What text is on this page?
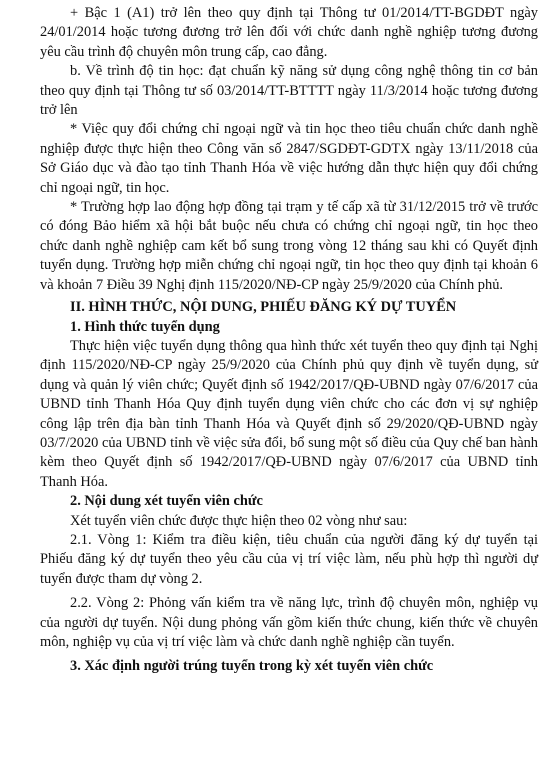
+ Bậc 1 (A1) trở lên theo quy định tại Thông tư 01/2014/TT-BGDĐT ngày 24/01/2014 hoặc tương đương trở lên đối với chức danh nghề nghiệp tương đương yêu cầu trình độ chuyên môn trung cấp, cao đẳng.

b. Về trình độ tin học: đạt chuẩn kỹ năng sử dụng công nghệ thông tin cơ bản theo quy định tại Thông tư số 03/2014/TT-BTTTT ngày 11/3/2014 hoặc tương đương trở lên

* Việc quy đổi chứng chỉ ngoại ngữ và tin học theo tiêu chuẩn chức danh nghề nghiệp được thực hiện theo Công văn số 2847/SGDĐT-GDTX ngày 13/11/2018 của Sở Giáo dục và đào tạo tỉnh Thanh Hóa về việc hướng dẫn thực hiện quy đổi chứng chỉ ngoại ngữ, tin học.

* Trường hợp lao động hợp đồng tại trạm y tế cấp xã từ 31/12/2015 trở về trước có đóng Bảo hiểm xã hội bắt buộc nếu chưa có chứng chỉ ngoại ngữ, tin học theo chức danh nghề nghiệp cam kết bổ sung trong vòng 12 tháng sau khi có Quyết định tuyển dụng. Trường hợp miễn chứng chỉ ngoại ngữ, tin học theo quy định tại khoản 6 và khoản 7 Điều 39 Nghị định 115/2020/NĐ-CP ngày 25/9/2020 của Chính phủ.

II. HÌNH THỨC, NỘI DUNG, PHIẾU ĐĂNG KÝ DỰ TUYỂN

1. Hình thức tuyển dụng

Thực hiện việc tuyển dụng thông qua hình thức xét tuyển theo quy định tại Nghị định 115/2020/NĐ-CP ngày 25/9/2020 của Chính phủ quy định về tuyển dụng, sử dụng và quản lý viên chức; Quyết định số 1942/2017/QĐ-UBND ngày 07/6/2017 của UBND tỉnh Thanh Hóa Quy định tuyển dụng viên chức cho các đơn vị sự nghiệp công lập trên địa bàn tỉnh Thanh Hóa và Quyết định số 29/2020/QĐ-UBND ngày 03/7/2020 của UBND tỉnh về việc sửa đổi, bổ sung một số điều của Quy chế ban hành kèm theo Quyết định số 1942/2017/QĐ-UBND ngày 07/6/2017 của UBND tỉnh Thanh Hóa.

2. Nội dung xét tuyển viên chức

Xét tuyển viên chức được thực hiện theo 02 vòng như sau:

2.1. Vòng 1: Kiểm tra điều kiện, tiêu chuẩn của người đăng ký dự tuyển tại Phiếu đăng ký dự tuyển theo yêu cầu của vị trí việc làm, nếu phù hợp thì người dự tuyển được tham dự vòng 2.

2.2. Vòng 2: Phỏng vấn kiểm tra về năng lực, trình độ chuyên môn, nghiệp vụ của người dự tuyển. Nội dung phỏng vấn gồm kiến thức chung, kiến thức về chuyên môn, nghiệp vụ của vị trí việc làm và chức danh nghề nghiệp cần tuyển.

3. Xác định người trúng tuyển trong kỳ xét tuyển viên chức
